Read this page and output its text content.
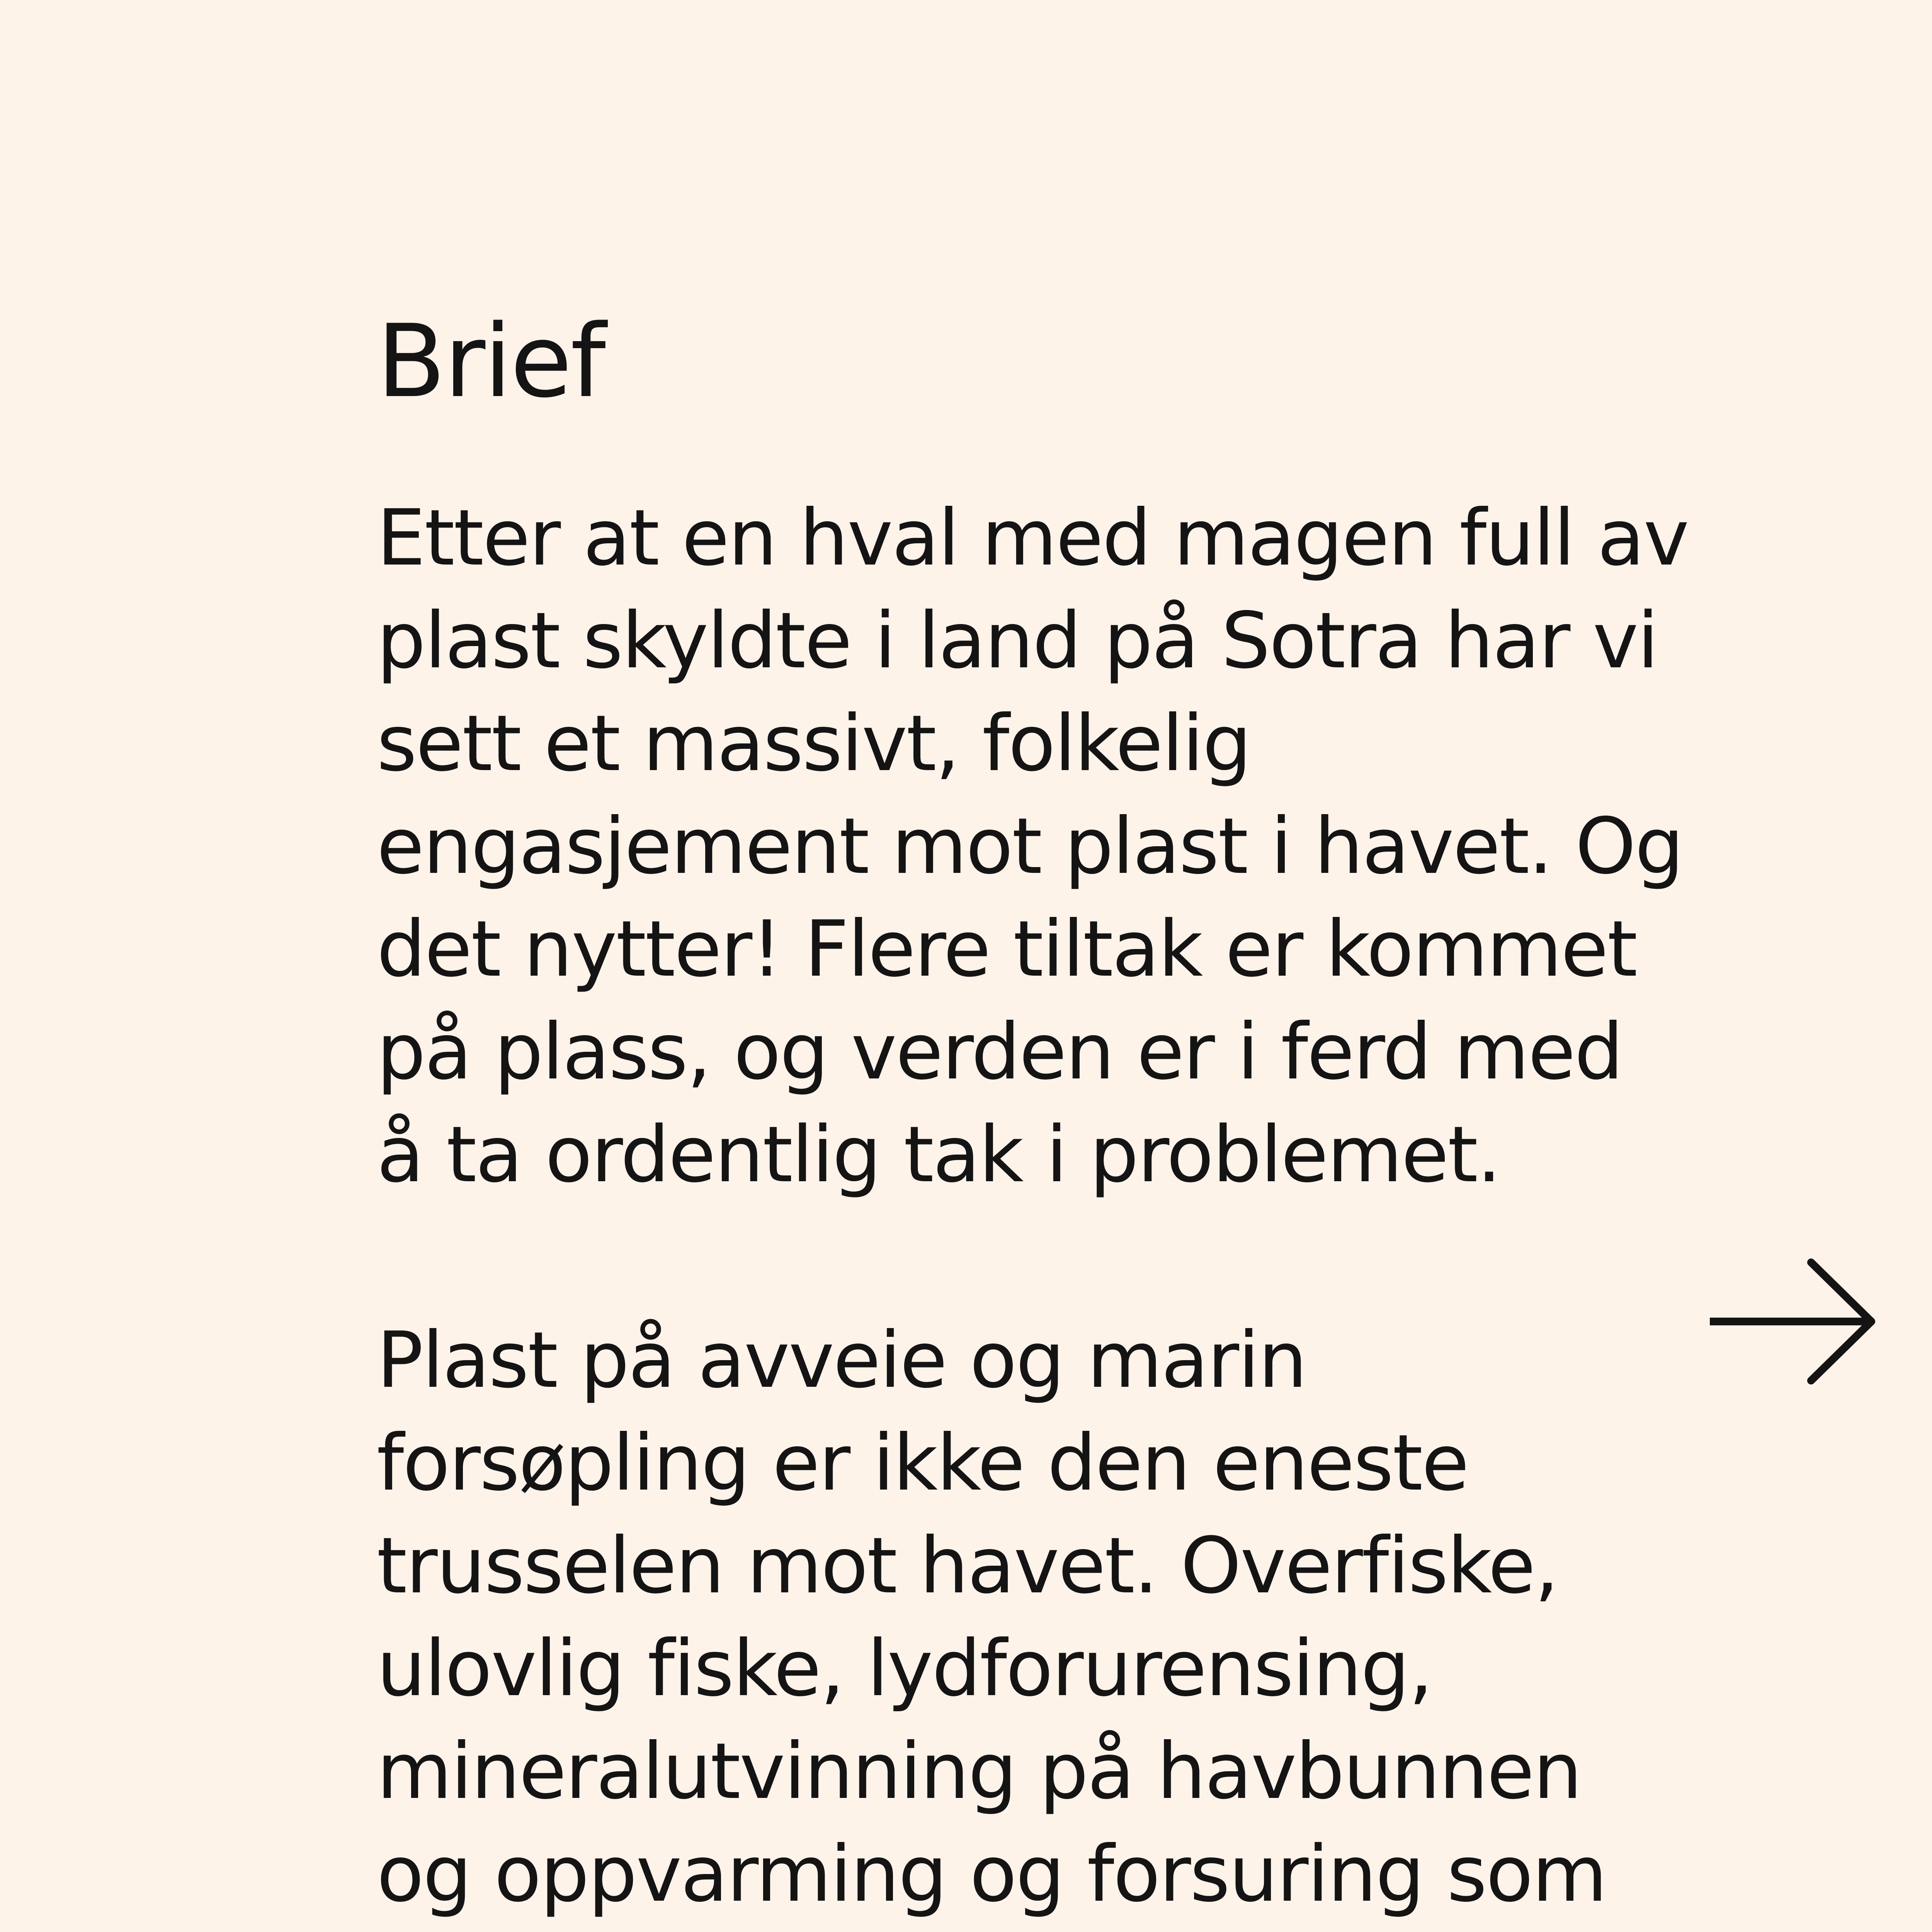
Brief

Etter at en hval med magen full av
plast skyldte i land på Sotra har vi
sett et massivt, folkelig
engasjement mot plast i havet. Og
det nytter! Flere tiltak er kommet
på plass, og verden er i ferd med
å ta ordentlig tak i problemet.

Plast på avveie og marin
forsøpling er ikke den eneste
trusselen mot havet. Overfiske,
ulovlig fiske, lydforurensing,
mineralutvinning på havbunnen
og oppvarming og forsuring som
